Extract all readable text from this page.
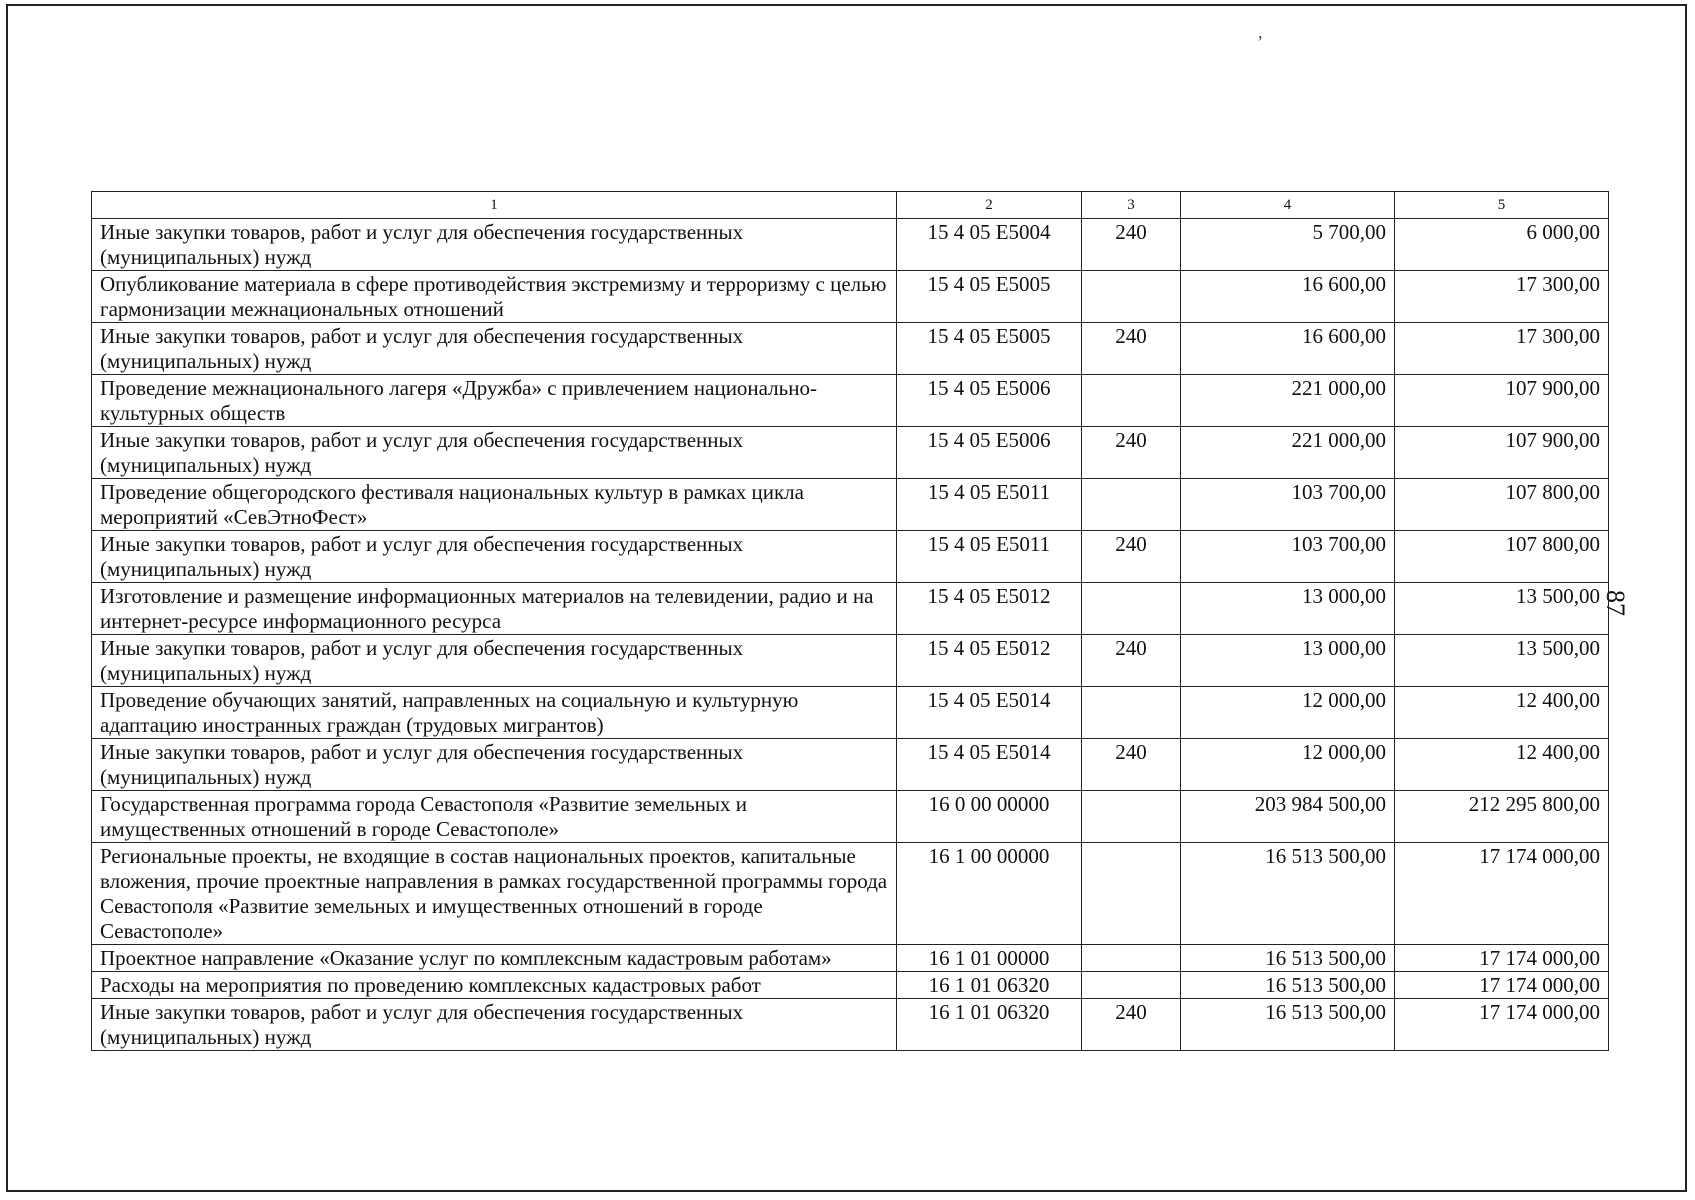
,
87
1	2	3	4	5
Иные закупки товаров, работ и услуг для обеспечения государственных (муниципальных) нужд	15 4 05 E5004	240	5 700,00	6 000,00
Опубликование материала в сфере противодействия экстремизму и терроризму с целью гармонизации межнациональных отношений	15 4 05 E5005		16 600,00	17 300,00
Иные закупки товаров, работ и услуг для обеспечения государственных (муниципальных) нужд	15 4 05 E5005	240	16 600,00	17 300,00
Проведение межнационального лагеря «Дружба» с привлечением национально-культурных обществ	15 4 05 E5006		221 000,00	107 900,00
Иные закупки товаров, работ и услуг для обеспечения государственных (муниципальных) нужд	15 4 05 E5006	240	221 000,00	107 900,00
Проведение общегородского фестиваля национальных культур в рамках цикла мероприятий «СевЭтноФест»	15 4 05 E5011		103 700,00	107 800,00
Иные закупки товаров, работ и услуг для обеспечения государственных (муниципальных) нужд	15 4 05 E5011	240	103 700,00	107 800,00
Изготовление и размещение информационных материалов на телевидении, радио и на интернет-ресурсе информационного ресурса	15 4 05 E5012		13 000,00	13 500,00
Иные закупки товаров, работ и услуг для обеспечения государственных (муниципальных) нужд	15 4 05 E5012	240	13 000,00	13 500,00
Проведение обучающих занятий, направленных на социальную и культурную адаптацию иностранных граждан (трудовых мигрантов)	15 4 05 E5014		12 000,00	12 400,00
Иные закупки товаров, работ и услуг для обеспечения государственных (муниципальных) нужд	15 4 05 E5014	240	12 000,00	12 400,00
Государственная программа города Севастополя «Развитие земельных и имущественных отношений в городе Севастополе»	16 0 00 00000		203 984 500,00	212 295 800,00
Региональные проекты, не входящие в состав национальных проектов, капитальные вложения, прочие проектные направления в рамках государственной программы города Севастополя «Развитие земельных и имущественных отношений в городе Севастополе»	16 1 00 00000		16 513 500,00	17 174 000,00
Проектное направление «Оказание услуг по комплексным кадастровым работам»	16 1 01 00000		16 513 500,00	17 174 000,00
Расходы на мероприятия по проведению комплексных кадастровых работ	16 1 01 06320		16 513 500,00	17 174 000,00
Иные закупки товаров, работ и услуг для обеспечения государственных (муниципальных) нужд	16 1 01 06320	240	16 513 500,00	17 174 000,00
